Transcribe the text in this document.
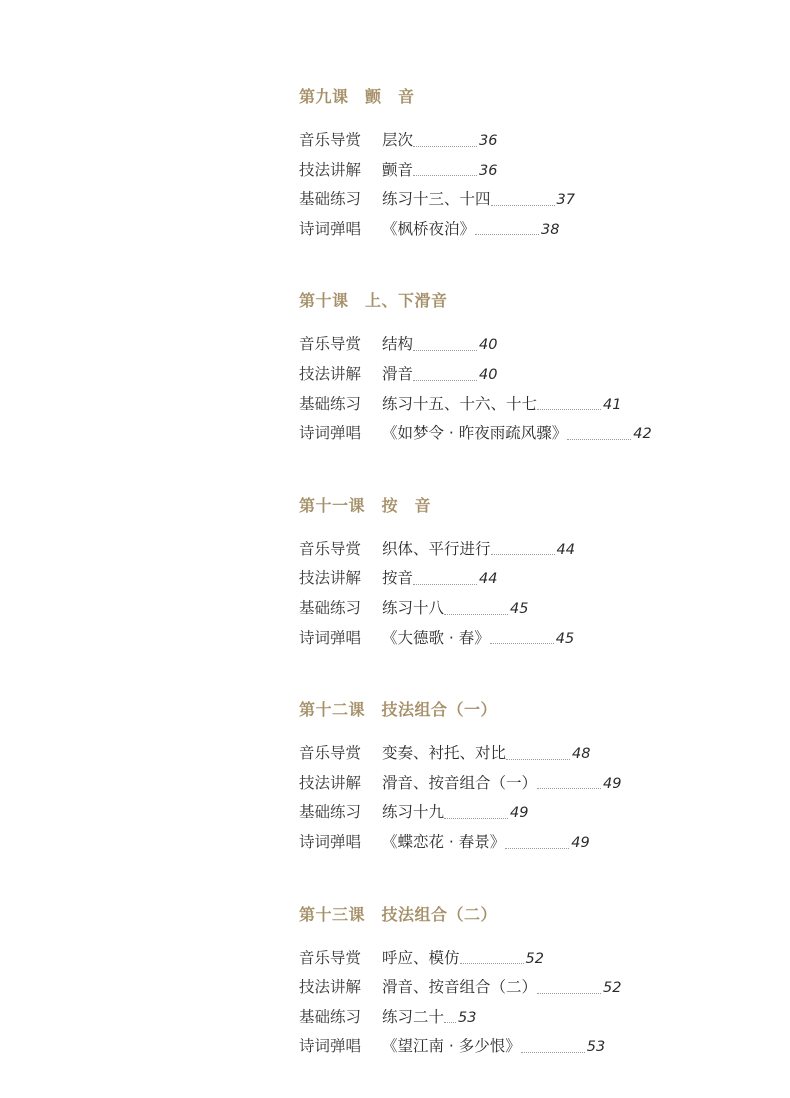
第九课　颤　音
音乐导赏	层次	36
技法讲解	颤音	36
基础练习	练习十三、十四	37
诗词弹唱	《枫桥夜泊》	38
第十课　上、下滑音
音乐导赏	结构	40
技法讲解	滑音	40
基础练习	练习十五、十六、十七	41
诗词弹唱	《如梦令 · 昨夜雨疏风骤》	42
第十一课　按　音
音乐导赏	织体、平行进行	44
技法讲解	按音	44
基础练习	练习十八	45
诗词弹唱	《大德歌 · 春》	45
第十二课　技法组合（一）
音乐导赏	变奏、衬托、对比	48
技法讲解	滑音、按音组合（一）	49
基础练习	练习十九	49
诗词弹唱	《蝶恋花 · 春景》	49
第十三课　技法组合（二）
音乐导赏	呼应、模仿	52
技法讲解	滑音、按音组合（二）	52
基础练习	练习二十 53
诗词弹唱	《望江南 · 多少恨》	53
